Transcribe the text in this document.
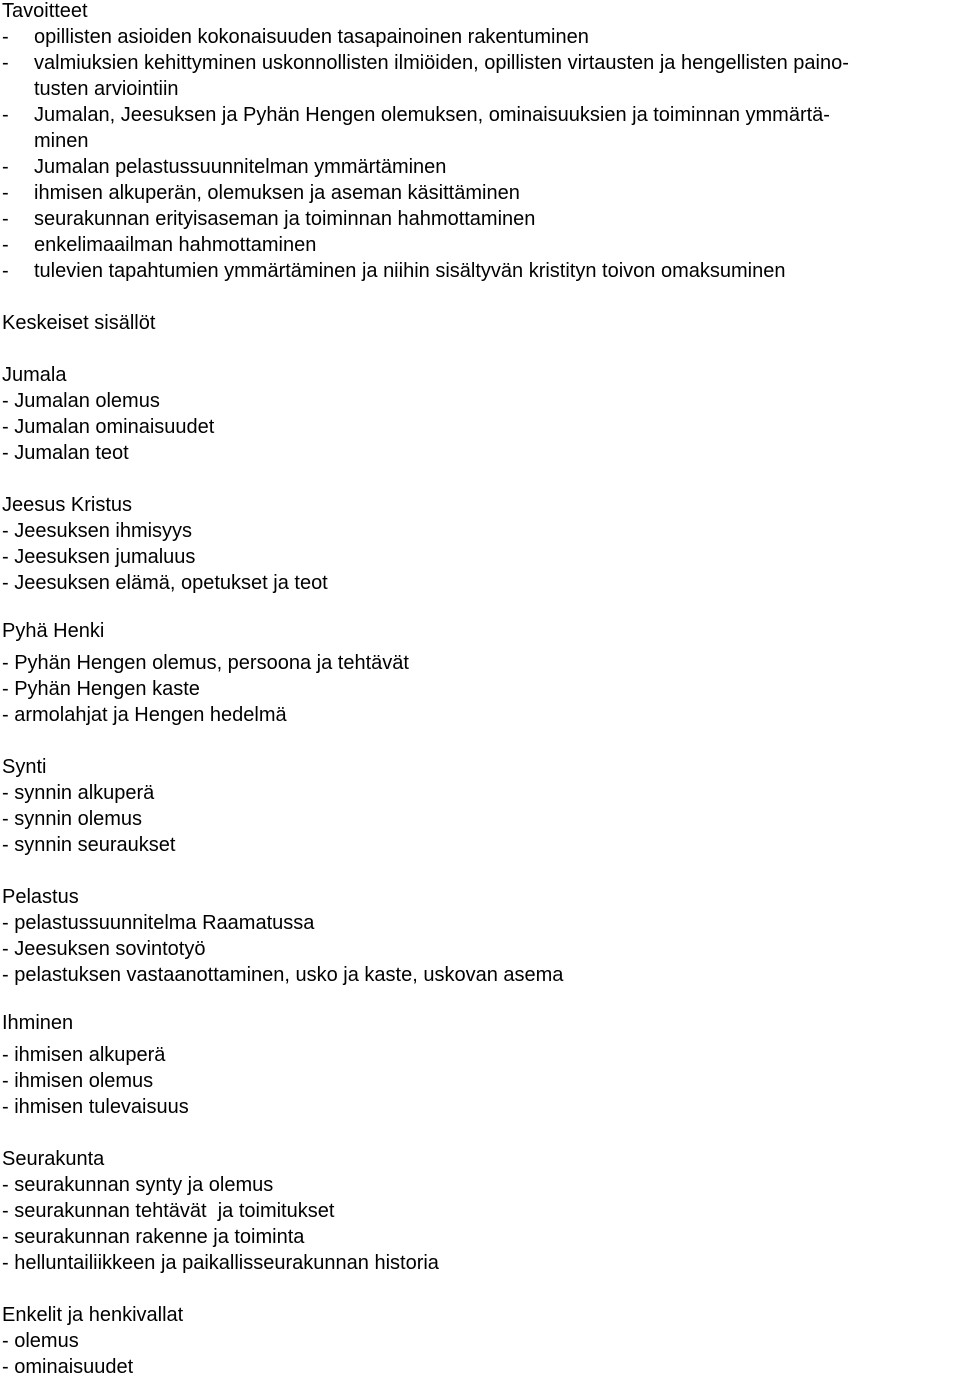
Tavoitteet
-	opillisten asioiden kokonaisuuden tasapainoinen rakentuminen
-	valmiuksien kehittyminen uskonnollisten ilmiöiden, opillisten virtausten ja hengellisten paino-
tusten arviointiin
-	Jumalan, Jeesuksen ja Pyhän Hengen olemuksen, ominaisuuksien ja toiminnan ymmärtä-
minen
-	Jumalan pelastussuunnitelman ymmärtäminen
-	ihmisen alkuperän, olemuksen ja aseman käsittäminen
-	seurakunnan erityisaseman ja toiminnan hahmottaminen
-	enkelimaailman hahmottaminen
-	tulevien tapahtumien ymmärtäminen ja niihin sisältyvän kristityn toivon omaksuminen
Keskeiset sisällöt
Jumala
- Jumalan olemus
- Jumalan ominaisuudet
- Jumalan teot
Jeesus Kristus
- Jeesuksen ihmisyys
- Jeesuksen jumaluus
- Jeesuksen elämä, opetukset ja teot
Pyhä Henki
- Pyhän Hengen olemus, persoona ja tehtävät
- Pyhän Hengen kaste
- armolahjat ja Hengen hedelmä
Synti
- synnin alkuperä
- synnin olemus
- synnin seuraukset
Pelastus
- pelastussuunnitelma Raamatussa
- Jeesuksen sovintotyö
- pelastuksen vastaanottaminen, usko ja kaste, uskovan asema
Ihminen
- ihmisen alkuperä
- ihmisen olemus
- ihmisen tulevaisuus
Seurakunta
- seurakunnan synty ja olemus
- seurakunnan tehtävät  ja toimitukset
- seurakunnan rakenne ja toiminta
- helluntailiikkeen ja paikallisseurakunnan historia
Enkelit ja henkivallat
- olemus
- ominaisuudet
